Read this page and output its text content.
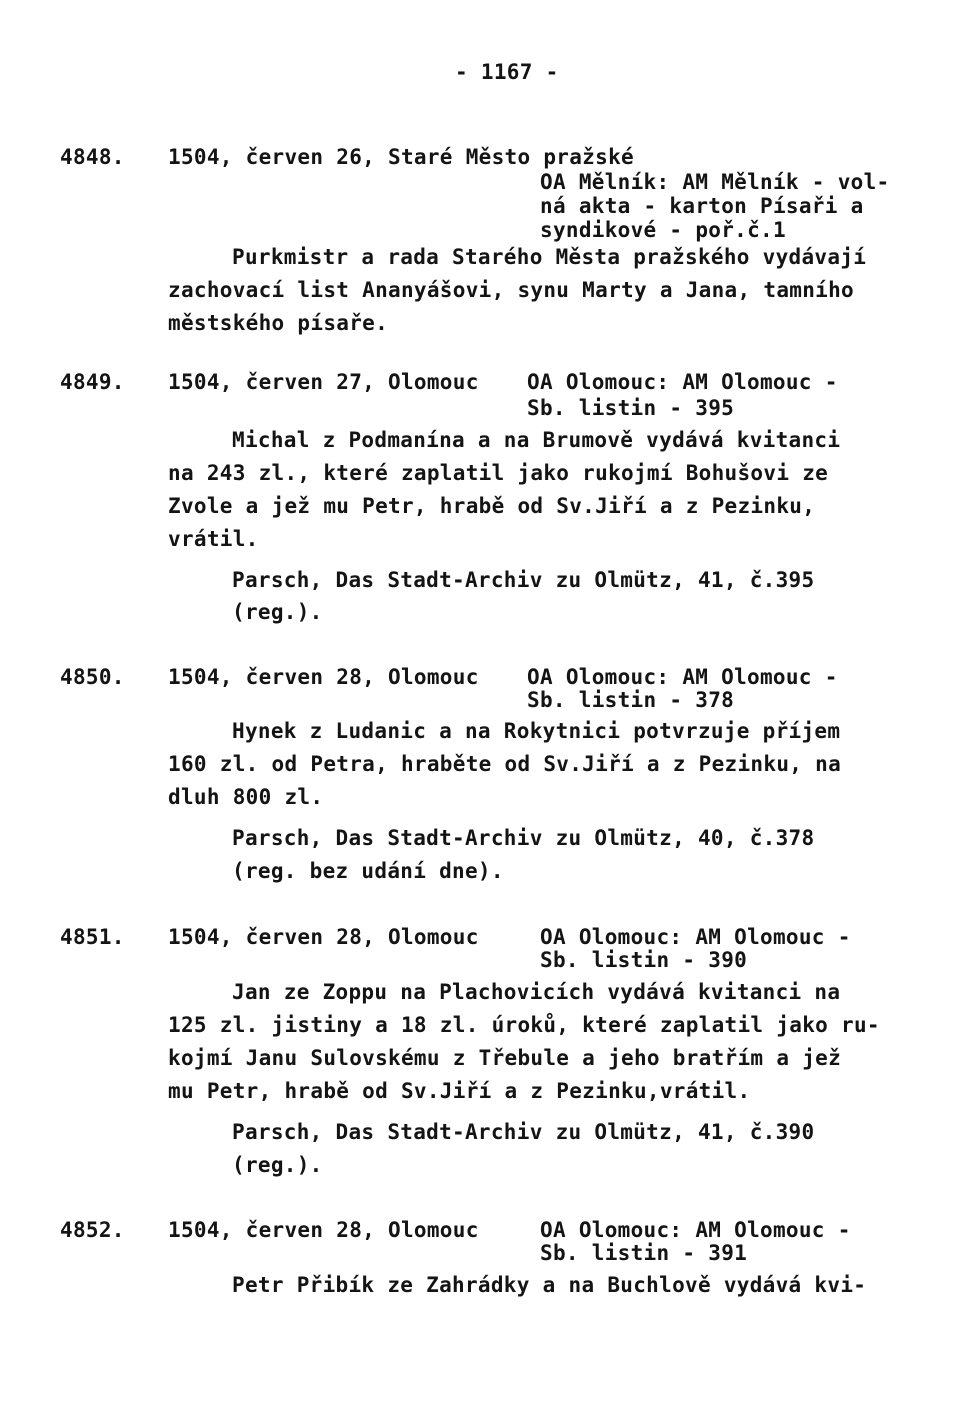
- 1167 -
4848. 1504, červen 26, Staré Město pražské
OA Mělník: AM Mělník - vol-
ná akta - karton Písaři a
syndikové - poř.č.1
Purkmistr a rada Starého Města pražského vydávají
zachovací list Ananyášovi, synu Marty a Jana, tamního
městského písaře.
4849. 1504, červen 27, Olomouc OA Olomouc: AM Olomouc -
Sb. listin - 395
Michal z Podmanína a na Brumově vydává kvitanci
na 243 zl., které zaplatil jako rukojmí Bohušovi ze
Zvole a jež mu Petr, hrabě od Sv.Jiří a z Pezinku,
vrátil.
Parsch, Das Stadt-Archiv zu Olmütz, 41, č.395
(reg.).
4850. 1504, červen 28, Olomouc OA Olomouc: AM Olomouc -
Sb. listin - 378
Hynek z Ludanic a na Rokytnici potvrzuje příjem
160 zl. od Petra, hraběte od Sv.Jiří a z Pezinku, na
dluh 800 zl.
Parsch, Das Stadt-Archiv zu Olmütz, 40, č.378
(reg. bez udání dne).
4851. 1504, červen 28, Olomouc	OA Olomouc: AM Olomouc -
Sb. listin - 390
Jan ze Zoppu na Plachovicích vydává kvitanci na
125 zl. jistiny a 18 zl. úroků, které zaplatil jako ru-
kojmí Janu Sulovskému z Třebule a jeho bratřím a jež
mu Petr, hrabě od Sv.Jiří a z Pezinku,vrátil.
Parsch, Das Stadt-Archiv zu Olmütz, 41, č.390
(reg.).
4852. 1504, červen 28, Olomouc	OA Olomouc: AM Olomouc -
Sb. listin - 391
Petr Přibík ze Zahrádky a na Buchlově vydává kvi-
